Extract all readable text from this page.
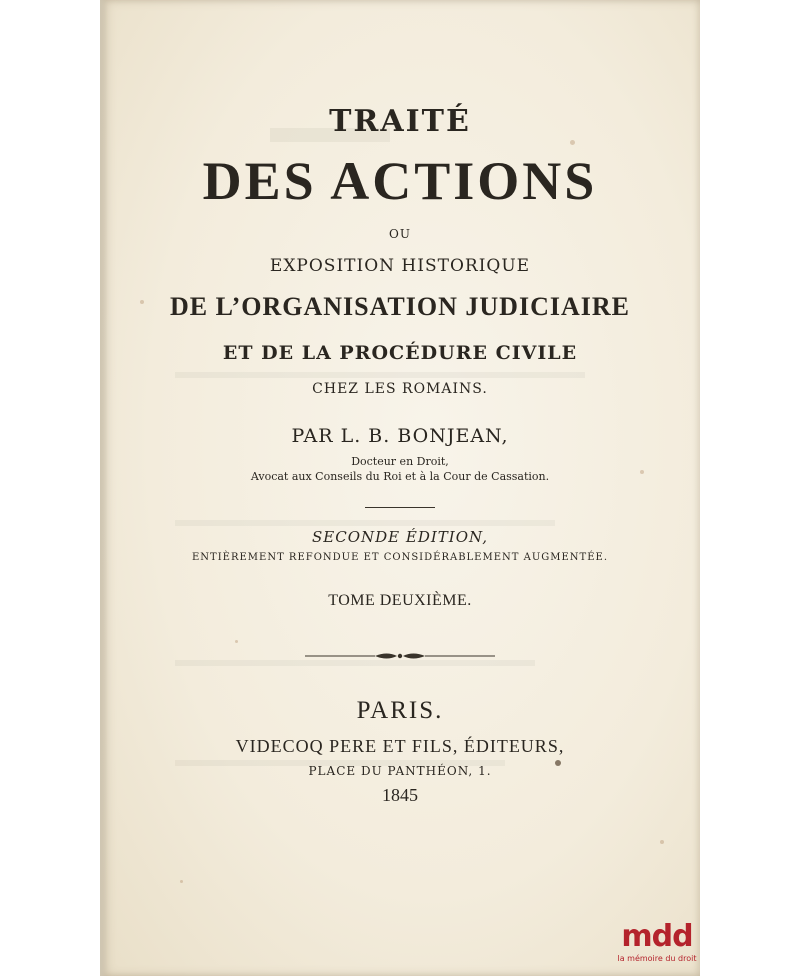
TRAITÉ
DES ACTIONS
OU
EXPOSITION HISTORIQUE
DE L’ORGANISATION JUDICIAIRE
ET DE LA PROCÉDURE CIVILE
CHEZ LES ROMAINS.
PAR L. B. BONJEAN,
Docteur en Droit,
Avocat aux Conseils du Roi et à la Cour de Cassation.
SECONDE ÉDITION,
ENTIÈREMENT REFONDUE ET CONSIDÉRABLEMENT AUGMENTÉE.
TOME DEUXIÈME.
PARIS.
VIDECOQ PERE ET FILS, ÉDITEURS,
PLACE DU PANTHÉON, 1.
1845
mdd
la mémoire du droit
